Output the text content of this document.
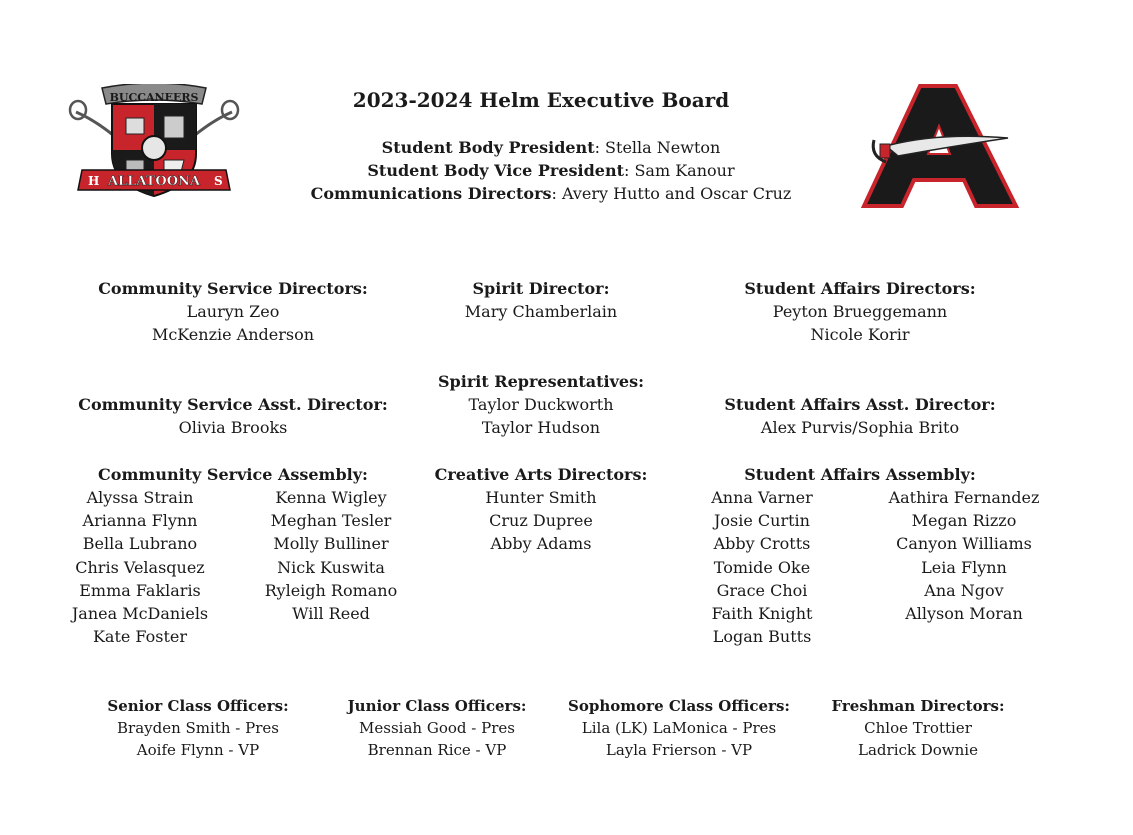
BUCCANEERS
ALLATOONA
H	S
2023-2024 Helm Executive Board
Student Body President: Stella Newton
Student Body Vice President: Sam Kanour
Communications Directors: Avery Hutto and Oscar Cruz
Community Service Directors:
Lauryn Zeo
McKenzie Anderson
Spirit Director:
Mary Chamberlain
Student Affairs Directors:
Peyton Brueggemann
Nicole Korir
Spirit Representatives:
Taylor Duckworth
Taylor Hudson
Community Service Asst. Director:
Olivia Brooks
Student Affairs Asst. Director:
Alex Purvis/Sophia Brito
Community Service Assembly:
Alyssa Strain
Arianna Flynn
Bella Lubrano
Chris Velasquez
Emma Faklaris
Janea McDaniels
Kate Foster
Kenna Wigley
Meghan Tesler
Molly Bulliner
Nick Kuswita
Ryleigh Romano
Will Reed
Creative Arts Directors:
Hunter Smith
Cruz Dupree
Abby Adams
Student Affairs Assembly:
Anna Varner
Josie Curtin
Abby Crotts
Tomide Oke
Grace Choi
Faith Knight
Logan Butts
Aathira Fernandez
Megan Rizzo
Canyon Williams
Leia Flynn
Ana Ngov
Allyson Moran
Senior Class Officers:
Brayden Smith - Pres
Aoife Flynn - VP
Junior Class Officers:
Messiah Good - Pres
Brennan Rice - VP
Sophomore Class Officers:
Lila (LK) LaMonica - Pres
Layla Frierson - VP
Freshman Directors:
Chloe Trottier
Ladrick Downie
